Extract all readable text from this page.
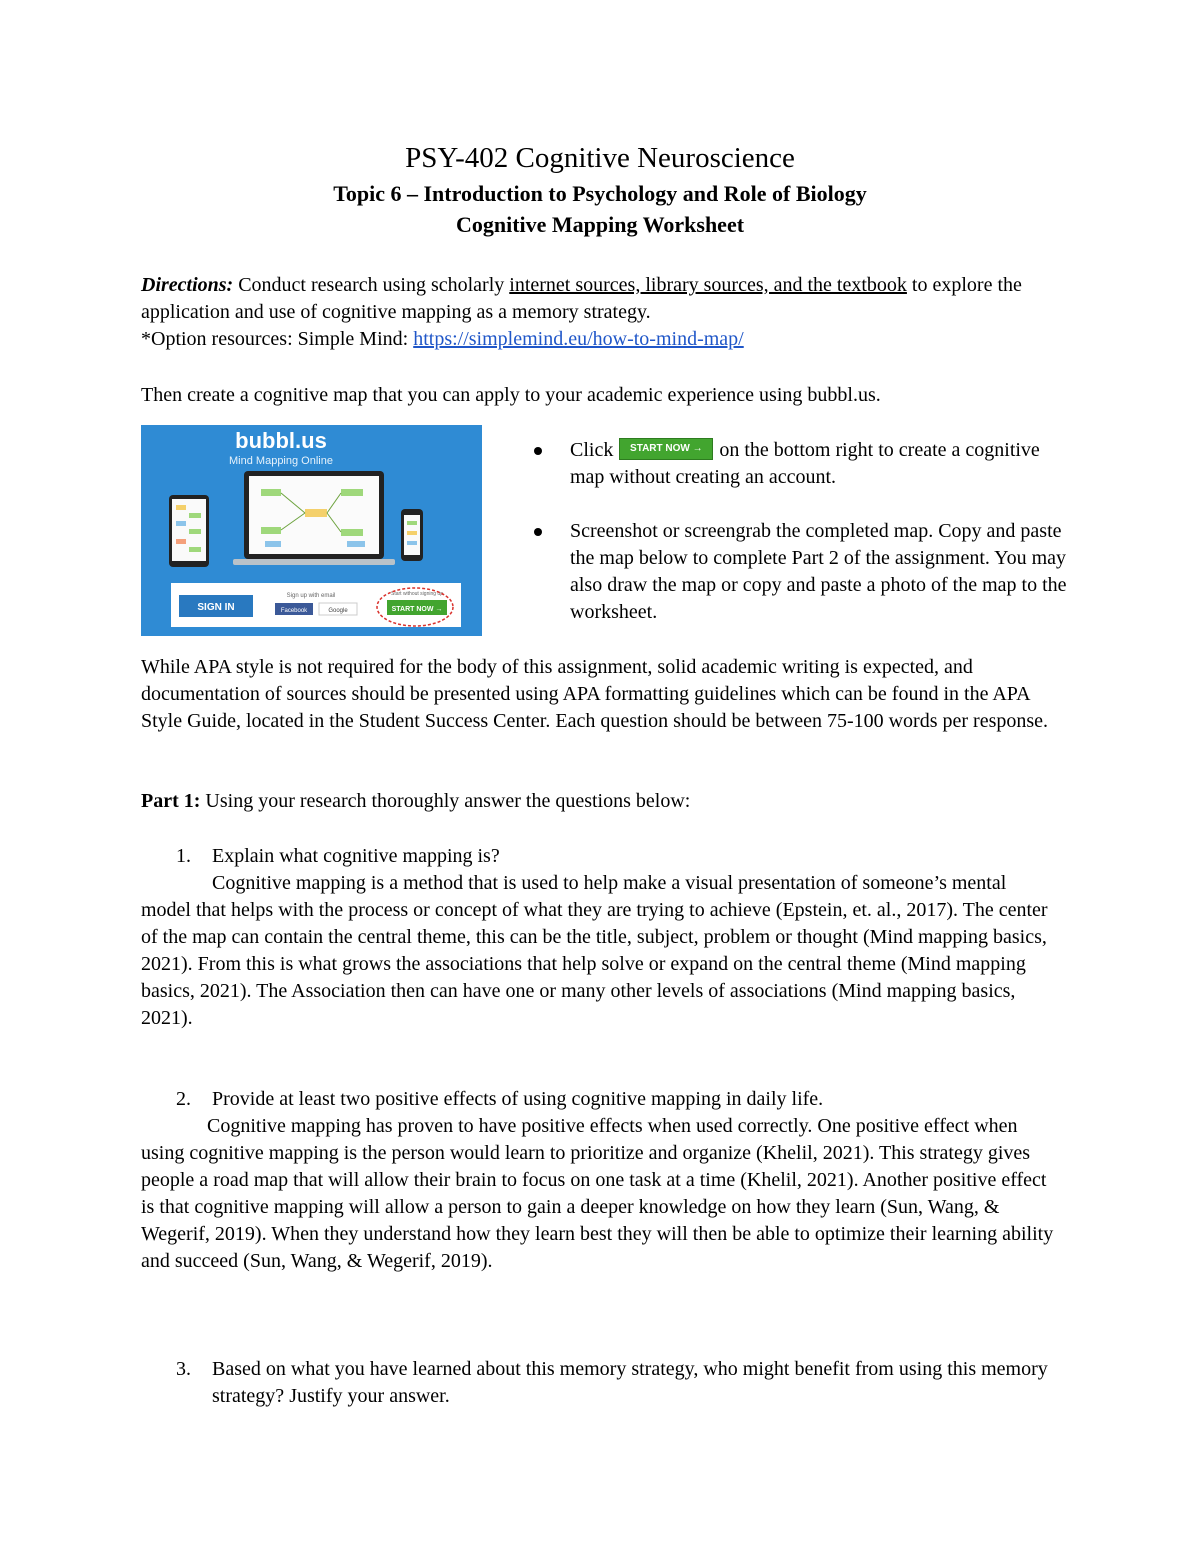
PSY-402 Cognitive Neuroscience
Topic 6 – Introduction to Psychology and Role of Biology
Cognitive Mapping Worksheet
Directions: Conduct research using scholarly internet sources, library sources, and the textbook to explore the application and use of cognitive mapping as a memory strategy.
*Option resources: Simple Mind: https://simplemind.eu/how-to-mind-map/
Then create a cognitive map that you can apply to your academic experience using bubbl.us.
bubbl.us
Mind Mapping Online
SIGN IN
Sign up with email
Facebook	Google
Start without signing up
START NOW →
Click START NOW → on the bottom right to create a cognitive map without creating an account.
Screenshot or screengrab the completed map. Copy and paste the map below to complete Part 2 of the assignment. You may also draw the map or copy and paste a photo of the map to the worksheet.
While APA style is not required for the body of this assignment, solid academic writing is expected, and documentation of sources should be presented using APA formatting guidelines which can be found in the APA Style Guide, located in the Student Success Center. Each question should be between 75-100 words per response.
Part 1: Using your research thoroughly answer the questions below:
1. Explain what cognitive mapping is?
Cognitive mapping is a method that is used to help make a visual presentation of someone’s mental model that helps with the process or concept of what they are trying to achieve (Epstein, et. al., 2017). The center of the map can contain the central theme, this can be the title, subject, problem or thought (Mind mapping basics, 2021). From this is what grows the associations that help solve or expand on the central theme (Mind mapping basics, 2021). The Association then can have one or many other levels of associations (Mind mapping basics, 2021).
2. Provide at least two positive effects of using cognitive mapping in daily life.
Cognitive mapping has proven to have positive effects when used correctly. One positive effect when using cognitive mapping is the person would learn to prioritize and organize (Khelil, 2021). This strategy gives people a road map that will allow their brain to focus on one task at a time (Khelil, 2021). Another positive effect is that cognitive mapping will allow a person to gain a deeper knowledge on how they learn (Sun, Wang, & Wegerif, 2019). When they understand how they learn best they will then be able to optimize their learning ability and succeed (Sun, Wang, & Wegerif, 2019).
3. Based on what you have learned about this memory strategy, who might benefit from using this memory strategy? Justify your answer.
